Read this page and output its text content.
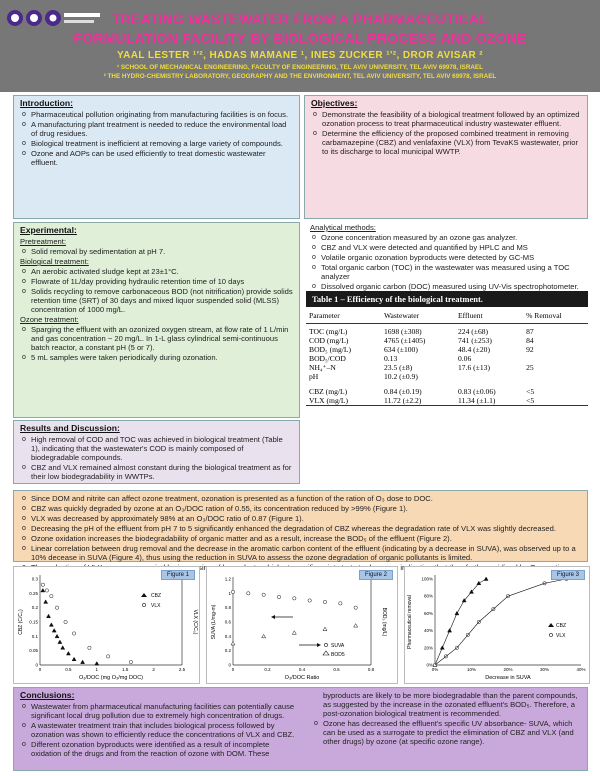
TREATING WASTEWATER FROM A PHARMACEUTICAL
FORMULATION FACILITY BY BIOLOGICAL PROCESS AND OZONE
YAAL LESTER ¹'², HADAS MAMANE ¹, INES ZUCKER ¹'², DROR AVISAR ²
¹ SCHOOL OF MECHANICAL ENGINEERING, FACULTY OF ENGINEERING, TEL AVIV UNIVERSITY, TEL AVIV 69978, ISRAEL
² THE HYDRO-CHEMISTRY LABORATORY, GEOGRAPHY AND THE ENVIRONMENT, TEL AVIV UNIVERSITY, TEL AVIV 69978, ISRAEL
Introduction:
o Pharmaceutical pollution originating from manufacturing facilities is on focus.
o A manufacturing plant treatment is needed to reduce the environmental load of drug residues.
o Biological treatment is inefficient at removing a large variety of compounds.
o Ozone and AOPs can be used efficiently to treat domestic wastewater effluent.
Objectives:
o Demonstrate the feasibility of a biological treatment followed by an optimized ozonation process to treat pharmaceutical industry wastewater effluent.
o Determine the efficiency of the proposed combined treatment in removing carbamazepine (CBZ) and venlafaxine (VLX) from TevaKS wastewater, prior to its discharge to local municipal WWTP.
Experimental:
Pretreatment:
o Solid removal by sedimentation at pH 7.
Biological treatment:
o An aerobic activated sludge kept at 23±1°C.
o Flowrate of 1L/day providing hydraulic retention time of 10 days
o Solids recycling to remove carbonaceous BOD (not nitrification) provide solids retention time (SRT) of 30 days and mixed liquor suspended solid (MLSS) concentration of 1000 mg/L.
Ozone treatment:
o Sparging the effluent with an ozonized oxygen stream, at flow rate of 1 L/min and gas concentration ~ 20 mg/L. In 1-L glass cylindrical semi-continuous batch reactor, a constant pH (5 or 7).
o 5 mL samples were taken periodically during ozonation.
Analytical methods:
o Ozone concentration measured by an ozone gas analyzer.
o CBZ and VLX were detected and quantified by HPLC and MS
o Volatile organic ozonation byproducts were detected by GC-MS
o Total organic carbon (TOC) in the wastewater was measured using a TOC analyzer
o Dissolved organic carbon (DOC) measured using UV-Vis spectrophotometer.
Table 1 – Efficiency of the biological treatment.
Parameter	Wastewater	Effluent	% Removal

TOC (mg/L)	1698 (±308)	224 (±68)	87
COD (mg/L)	4765 (±1405)	741 (±253)	84
BOD₅ (mg/L)	634 (±100)	48.4 (±20)	92
BOD₅/COD	0.13	0.06	
NH₄⁺–N	23.5 (±8)	17.6 (±13)	25
pH	10.2 (±0.9)		

CBZ (mg/L)	0.84 (±0.19)	0.83 (±0.06)	<5
VLX (mg/L)	11.72 (±2.2)	11.34 (±1.1)	<5
Results and Discussion:
o High removal of COD and TOC was achieved in biological treatment (Table 1), indicating that the wastewater's COD is mainly composed of biodegradable compounds.
o CBZ and VLX remained almost constant during the biological treatment as for their low biodegradability in WWTPs.
o Since DOM and nitrite can affect ozone treatment, ozonation is presented as a function of the ration of O₃ dose to DOC.
o CBZ was quickly degraded by ozone at an O₃/DOC ration of 0.55, its concentration reduced by >99% (Figure 1).
o VLX was decreased by approximately 98% at an O₃/DOC ratio of 0.87 (Figure 1).
o Decreasing the pH of the effluent from pH 7 to 5 significantly enhanced the degradation of CBZ whereas the degradation rate of VLX was slightly decreased.
o Ozone oxidation increases the biodegradability of organic matter and as a result, increase the BOD₅ of the effluent (Figure 2).
o Linear correlation between drug removal and the decrease in the aromatic carbon content of the effluent (indicating by a decrease in SUVA), was observed up to a 10% decease in SUVA (Figure 4), thus using the reduction in SUVA to assess the ozone degradation of organic pollutants is limited.
o
Figure 1
O₃/DOC (mg O₃/mg DOC)
CBZ (C/C₀)	VLX (C/C₀)
CBZ
VLX
0.3
0.25
0.2
0.15
0.1
0.05
0
0	0.5	1	1.5	2	2.5
Figure 2
O₃/DOC Ratio
SUVA (L/mg-m)	BOD₅ (mg/L)
SUVA
BOD5
1.2
1
0.8
0.6
0.4
0.2
0
0	0.2	0.4	0.6	0.8
Figure 3
Decrease in SUVA
Pharmaceutical removal	CBZ
VLX
100%
80%
60%
40%
20%
0%
0%	10%	20%	30%	40%
Conclusions:
o Wastewater from pharmaceutical manufacturing facilities can potentially cause significant local drug pollution due to extremely high concentration of drugs.
o A wastewater treatment train that includes biological process followed by ozonation was shown to efficiently reduce the concentrations of VLX and CBZ.
o Different ozonation byproducts were identified as a result of incomplete oxidation of the drugs and from the reaction of ozone with DOM. These
byproducts are likely to be more biodegradable than the parent compounds, as suggested by the increase in the ozonated effluent's BOD₅. Therefore, a post-ozonation biological treatment is recommended.
o Ozone has decreased the effluent's specific UV absorbance- SUVA, which can be used as a surrogate to predict the elimination of CBZ and VLX (and other drugs) by ozone (at specific ozone range).
